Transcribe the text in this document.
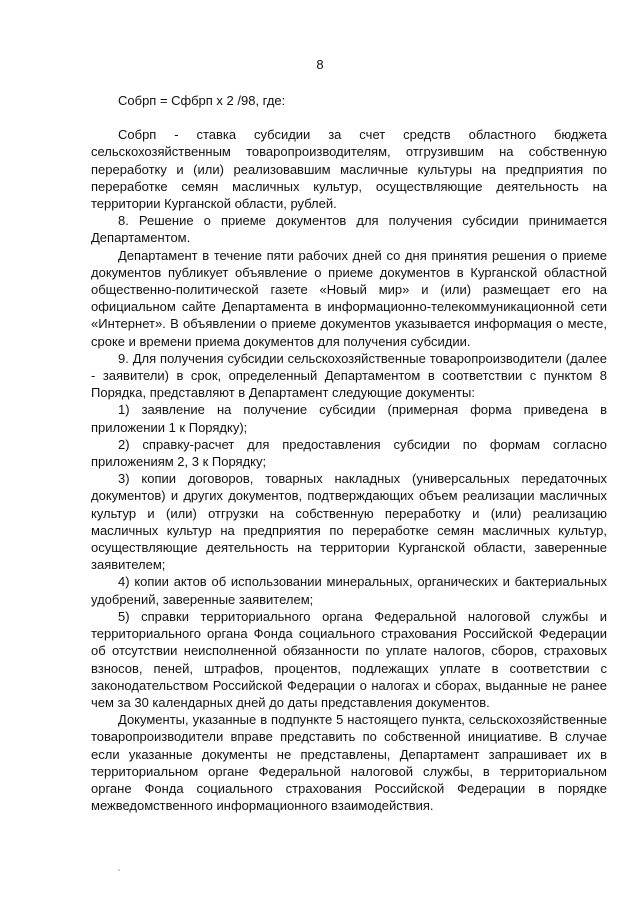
8

Собрп = Сфбрп х 2 /98, где:

Собрп - ставка субсидии за счет средств областного бюджета сельскохозяйственным товаропроизводителям, отгрузившим на собственную переработку и (или) реализовавшим масличные культуры на предприятия по переработке семян масличных культур, осуществляющие деятельность на территории Курганской области, рублей.

8. Решение о приеме документов для получения субсидии принимается Департаментом.

Департамент в течение пяти рабочих дней со дня принятия решения о приеме документов публикует объявление о приеме документов в Курганской областной общественно-политической газете «Новый мир» и (или) размещает его на официальном сайте Департамента в информационно-телекоммуникационной сети «Интернет». В объявлении о приеме документов указывается информация о месте, сроке и времени приема документов для получения субсидии.

9. Для получения субсидии сельскохозяйственные товаропроизводители (далее - заявители) в срок, определенный Департаментом в соответствии с пунктом 8 Порядка, представляют в Департамент следующие документы:

1) заявление на получение субсидии (примерная форма приведена в приложении 1 к Порядку);

2) справку-расчет для предоставления субсидии по формам согласно приложениям 2, 3 к Порядку;

3) копии договоров, товарных накладных (универсальных передаточных документов) и других документов, подтверждающих объем реализации масличных культур и (или) отгрузки на собственную переработку и (или) реализацию масличных культур на предприятия по переработке семян масличных культур, осуществляющие деятельность на территории Курганской области, заверенные заявителем;

4) копии актов об использовании минеральных, органических и бактериальных удобрений, заверенные заявителем;

5) справки территориального органа Федеральной налоговой службы и территориального органа Фонда социального страхования Российской Федерации об отсутствии неисполненной обязанности по уплате налогов, сборов, страховых взносов, пеней, штрафов, процентов, подлежащих уплате в соответствии с законодательством Российской Федерации о налогах и сборах, выданные не ранее чем за 30 календарных дней до даты представления документов.

Документы, указанные в подпункте 5 настоящего пункта, сельскохозяйственные товаропроизводители вправе представить по собственной инициативе. В случае если указанные документы не представлены, Департамент запрашивает их в территориальном органе Федеральной налоговой службы, в территориальном органе Фонда социального страхования Российской Федерации в порядке межведомственного информационного взаимодействия.
